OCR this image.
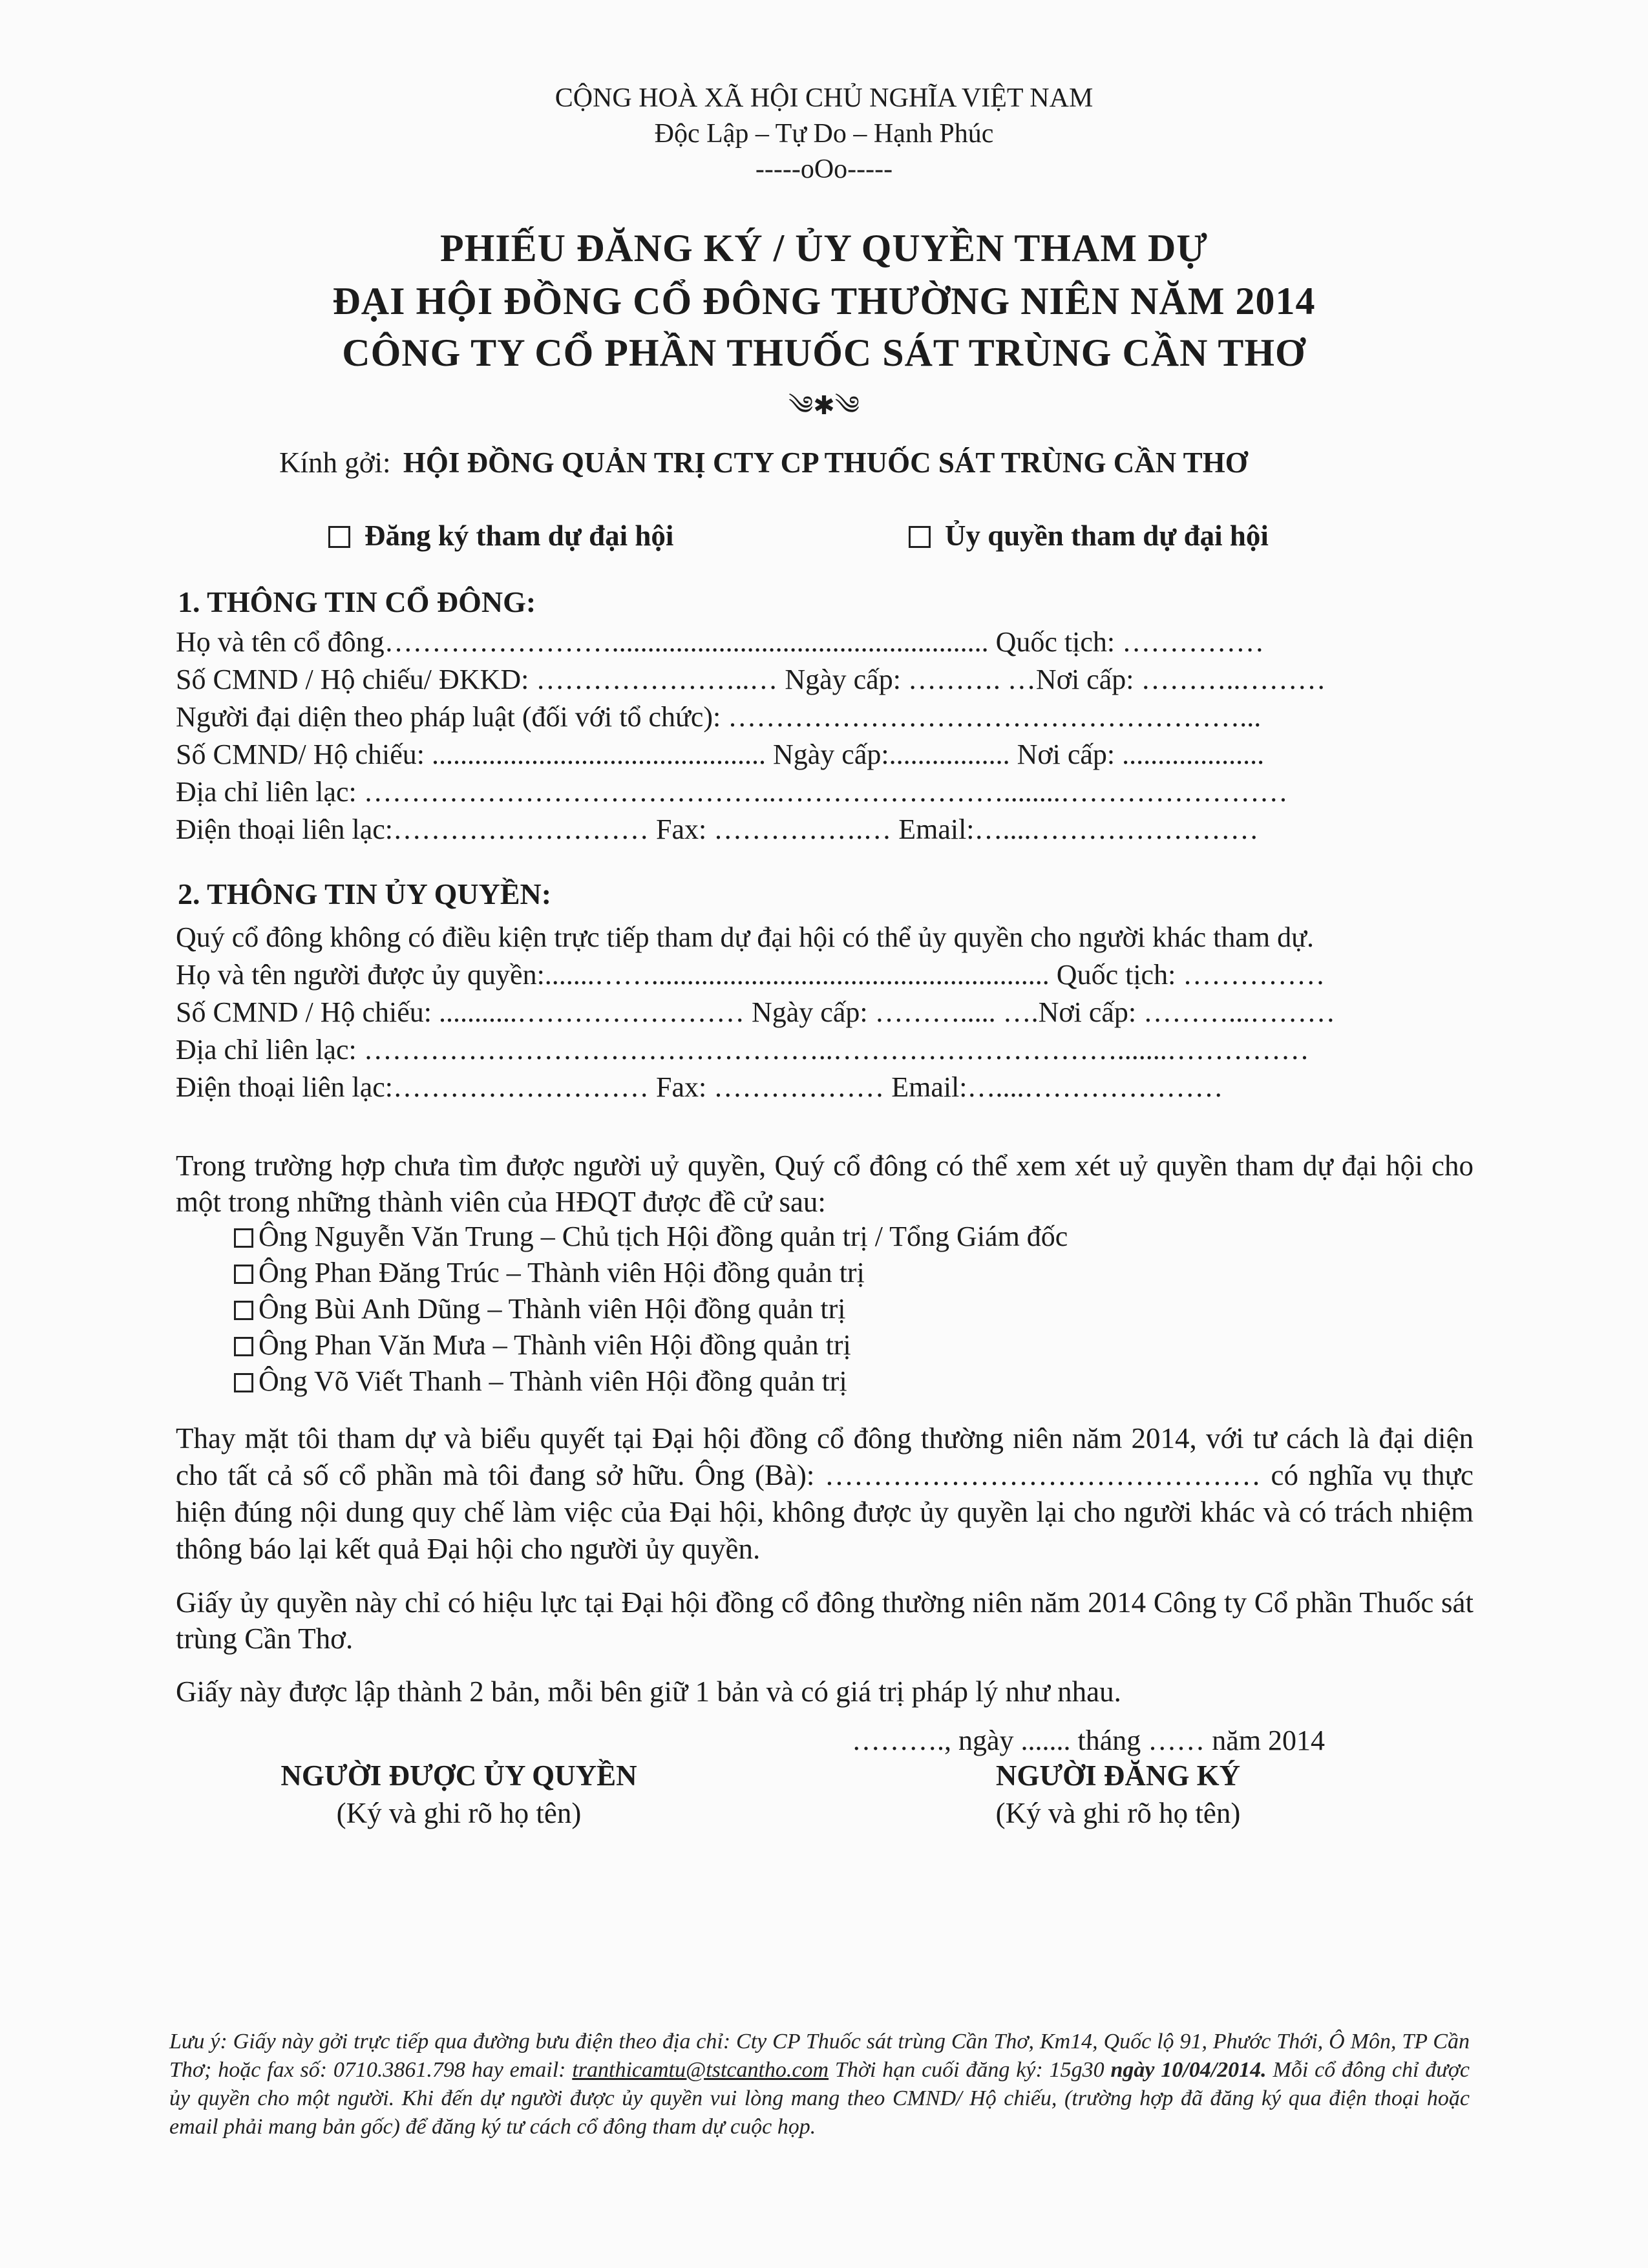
CỘNG HOÀ XÃ HỘI CHỦ NGHĨA VIỆT NAM
Độc Lập – Tự Do – Hạnh Phúc
-----oOo-----
PHIẾU ĐĂNG KÝ / ỦY QUYỀN THAM DỰ
ĐẠI HỘI ĐỒNG CỔ ĐÔNG THƯỜNG NIÊN NĂM 2014
CÔNG TY CỔ PHẦN THUỐC SÁT TRÙNG CẦN THƠ
༄✱༄
Kính gởi: HỘI ĐỒNG QUẢN TRỊ CTY CP THUỐC SÁT TRÙNG CẦN THƠ
Đăng ký tham dự đại hội	Ủy quyền tham dự đại hội
1. THÔNG TIN CỔ ĐÔNG:
Họ và tên cổ đông……………………..................................................... Quốc tịch: ……………
Số CMND / Hộ chiếu/ ĐKKD: …………………..… Ngày cấp: ………. …Nơi cấp: ………..………
Người đại diện theo pháp luật (đối với tổ chức): ………………………………………………...
Số CMND/ Hộ chiếu: ............................................... Ngày cấp:................. Nơi cấp: ....................
Địa chỉ liên lạc: ……………………………………..……………………........……………………
Điện thoại liên lạc:……………………… Fax: …………….… Email:…....……………………
2. THÔNG TIN ỦY QUYỀN:
Quý cổ đông không có điều kiện trực tiếp tham dự đại hội có thể ủy quyền cho người khác tham dự.
Họ và tên người được ủy quyền:.......……........................................................ Quốc tịch: ……………
Số CMND / Hộ chiếu: ...........…………………… Ngày cấp: ………..... ….Nơi cấp: ………...………
Địa chỉ liên lạc: …………………………………………..………………………….......……………
Điện thoại liên lạc:……………………… Fax: ……………… Email:…....…………………
Trong trường hợp chưa tìm được người uỷ quyền, Quý cổ đông có thể xem xét uỷ quyền tham dự đại hội cho một trong những thành viên của HĐQT được đề cử sau:
Ông Nguyễn Văn Trung – Chủ tịch Hội đồng quản trị / Tổng Giám đốc
Ông Phan Đăng Trúc – Thành viên Hội đồng quản trị
Ông Bùi Anh Dũng – Thành viên Hội đồng quản trị
Ông Phan Văn Mưa – Thành viên Hội đồng quản trị
Ông Võ Viết Thanh – Thành viên Hội đồng quản trị
Thay mặt tôi tham dự và biểu quyết tại Đại hội đồng cổ đông thường niên năm 2014, với tư cách là đại diện cho tất cả số cổ phần mà tôi đang sở hữu. Ông (Bà): ……………………………………… có nghĩa vụ thực hiện đúng nội dung quy chế làm việc của Đại hội, không được ủy quyền lại cho người khác và có trách nhiệm thông báo lại kết quả Đại hội cho người ủy quyền.
Giấy ủy quyền này chỉ có hiệu lực tại Đại hội đồng cổ đông thường niên năm 2014 Công ty Cổ phần Thuốc sát trùng Cần Thơ.
Giấy này được lập thành 2 bản, mỗi bên giữ 1 bản và có giá trị pháp lý như nhau.
………., ngày ....... tháng …… năm 2014
NGƯỜI ĐƯỢC ỦY QUYỀN
(Ký và ghi rõ họ tên)
NGƯỜI ĐĂNG KÝ
(Ký và ghi rõ họ tên)
Lưu ý: Giấy này gởi trực tiếp qua đường bưu điện theo địa chỉ: Cty CP Thuốc sát trùng Cần Thơ, Km14, Quốc lộ 91, Phước Thới, Ô Môn, TP Cần Thơ; hoặc fax số: 0710.3861.798 hay email: tranthicamtu@tstcantho.com Thời hạn cuối đăng ký: 15g30 ngày 10/04/2014. Mỗi cổ đông chỉ được ủy quyền cho một người. Khi đến dự người được ủy quyền vui lòng mang theo CMND/ Hộ chiếu, (trường hợp đã đăng ký qua điện thoại hoặc email phải mang bản gốc) để đăng ký tư cách cổ đông tham dự cuộc họp.
